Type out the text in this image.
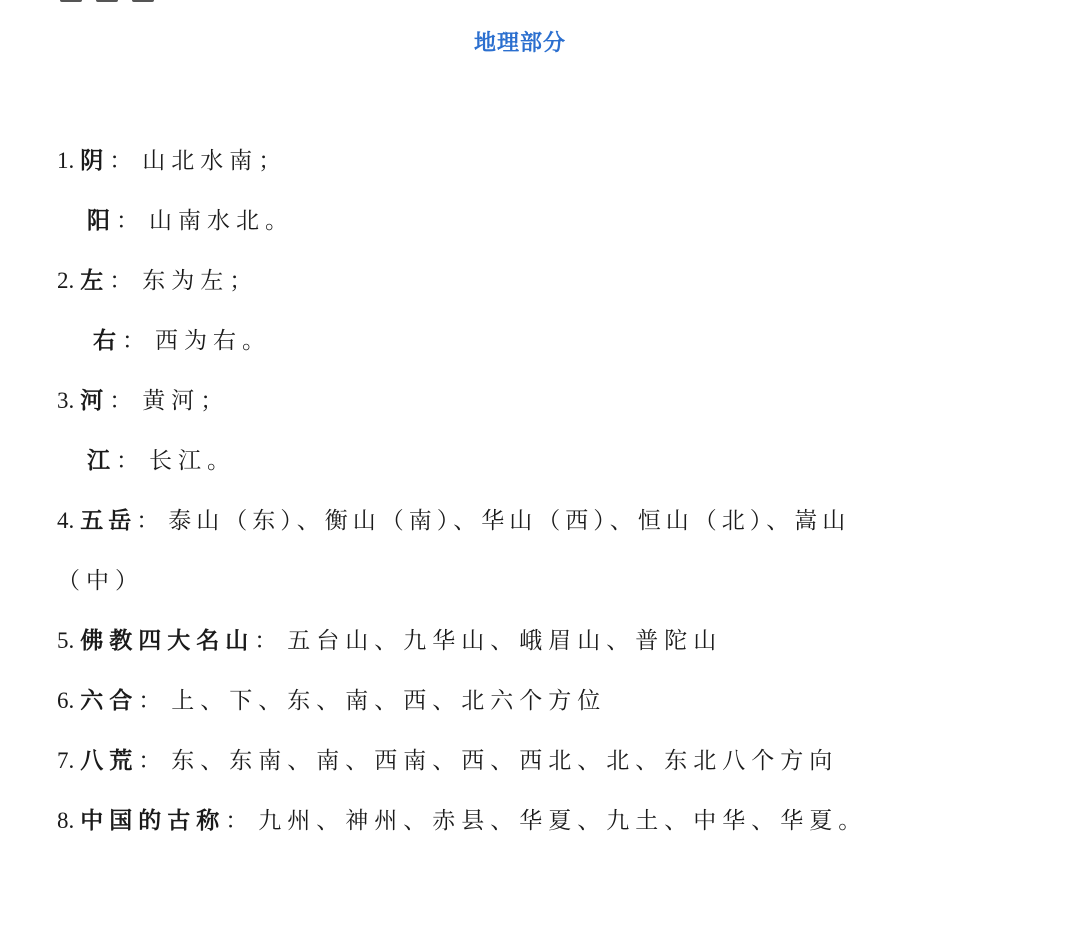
地理部分
1. 阴： 山北水南；
阳： 山南水北。
2. 左： 东为左；
右： 西为右。
3. 河： 黄河；
江： 长江。
4. 五岳： 泰山（东）、衡山（南）、华山（西）、恒山（北）、嵩山
（中）
5. 佛教四大名山： 五台山、九华山、峨眉山、普陀山
6. 六合： 上、下、东、南、西、北六个方位
7. 八荒： 东、东南、南、西南、西、西北、北、东北八个方向
8. 中国的古称： 九州、神州、赤县、华夏、九土、中华、华夏。
